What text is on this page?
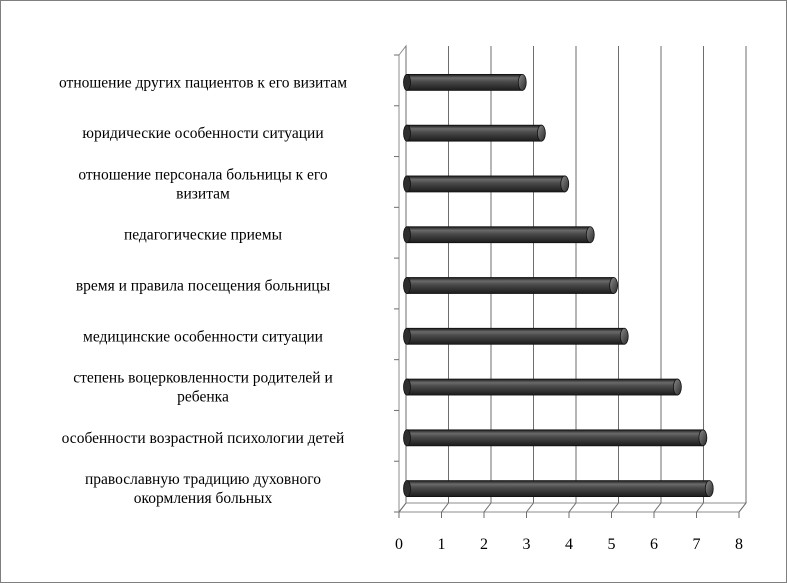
0 1 2 3 4 5 6 7 8
православную традицию духовного окормления больных
особенности возрастной психологии детей
степень воцерковленности родителей и ребенка
медицинские особенности ситуации
время и правила посещения больницы
педагогические приемы
отношение персонала больницы к его визитам
юридические особенности ситуации
отношение других пациентов к его визитам
